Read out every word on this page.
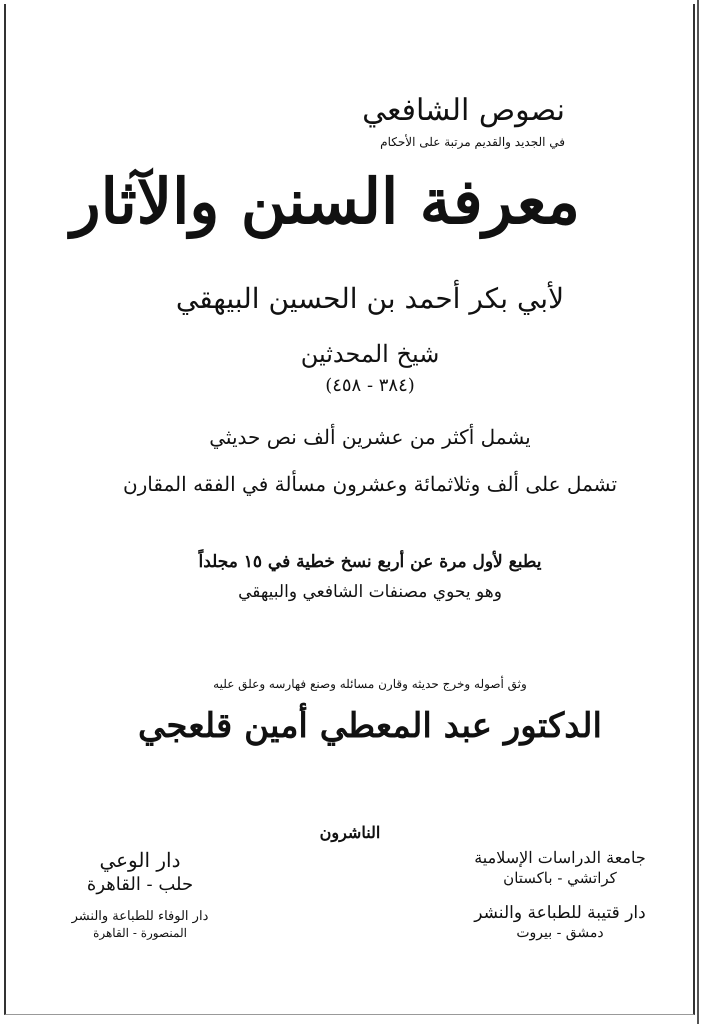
نصوص الشافعي
في الجديد والقديم مرتبة على الأحكام
معرفة السنن والآثار
لأبي بكر أحمد بن الحسين البيهقي
شيخ المحدثين
(٣٨٤ - ٤٥٨)
يشمل أكثر من عشرين ألف نص حديثي
تشمل على ألف وثلاثمائة وعشرون مسألة في الفقه المقارن
يطبع لأول مرة عن أربع نسخ خطية في ١٥ مجلداً
وهو يحوي مصنفات الشافعي والبيهقي
وثق أصوله وخرج حديثه وقارن مسائله وصنع فهارسه وعلق عليه
الدكتور عبد المعطي أمين قلعجي
الناشرون
دار الوعي
حلب - القاهرة
دار الوفاء للطباعة والنشر
المنصورة - القاهرة
جامعة الدراسات الإسلامية
كراتشي - باكستان
دار قتيبة للطباعة والنشر
دمشق - بيروت
